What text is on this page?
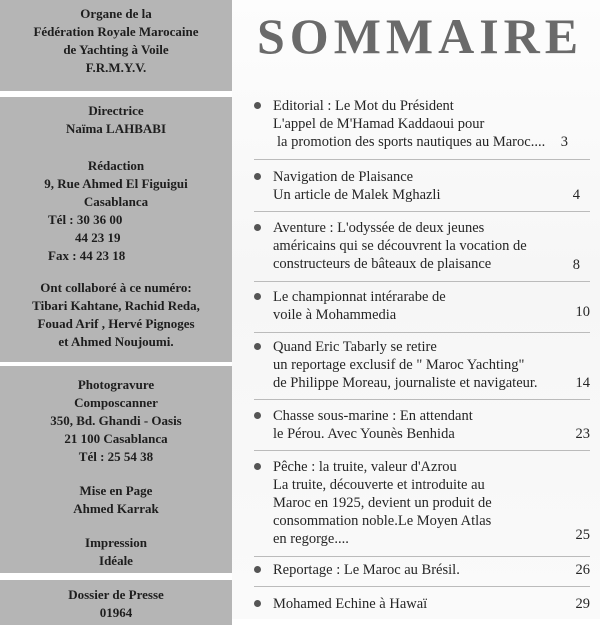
Organe de la
Fédération Royale Marocaine
de Yachting à Voile
F.R.M.Y.V.
Directrice
Naïma LAHBABI
Rédaction
9, Rue Ahmed El Figuigui
Casablanca
Tél : 30 36 00
44 23 19
Fax : 44 23 18
Ont collaboré à ce numéro:
Tibari Kahtane, Rachid Reda,
Fouad Arif , Hervé Pignoges
et Ahmed Noujoumi.
Photogravure
Composcanner
350, Bd. Ghandi - Oasis
21 100 Casablanca
Tél : 25 54 38
Mise en Page
Ahmed Karrak
Impression
Idéale
Dossier de Presse
01964
SOMMAIRE
Editorial : Le Mot du Président
L'appel de M'Hamad Kaddaoui pour
la promotion des sports nautiques au Maroc.... 3
Navigation de Plaisance
Un article de Malek Mghazli	4
Aventure : L'odyssée de deux jeunes
américains qui se découvrent la vocation de
constructeurs de bâteaux de plaisance	8
Le championnat intérarabe de
voile à Mohammedia	10
Quand Eric Tabarly se retire
un reportage exclusif de " Maroc Yachting"
de Philippe Moreau, journaliste et navigateur.	14
Chasse sous-marine : En attendant
le Pérou. Avec Younès Benhida	23
Pêche : la truite, valeur d'Azrou
La truite, découverte et introduite au
Maroc en 1925, devient un produit de
consommation noble.Le Moyen Atlas
en regorge....	25
Reportage : Le Maroc au Brésil.	26
Mohamed Echine à Hawaï	29
